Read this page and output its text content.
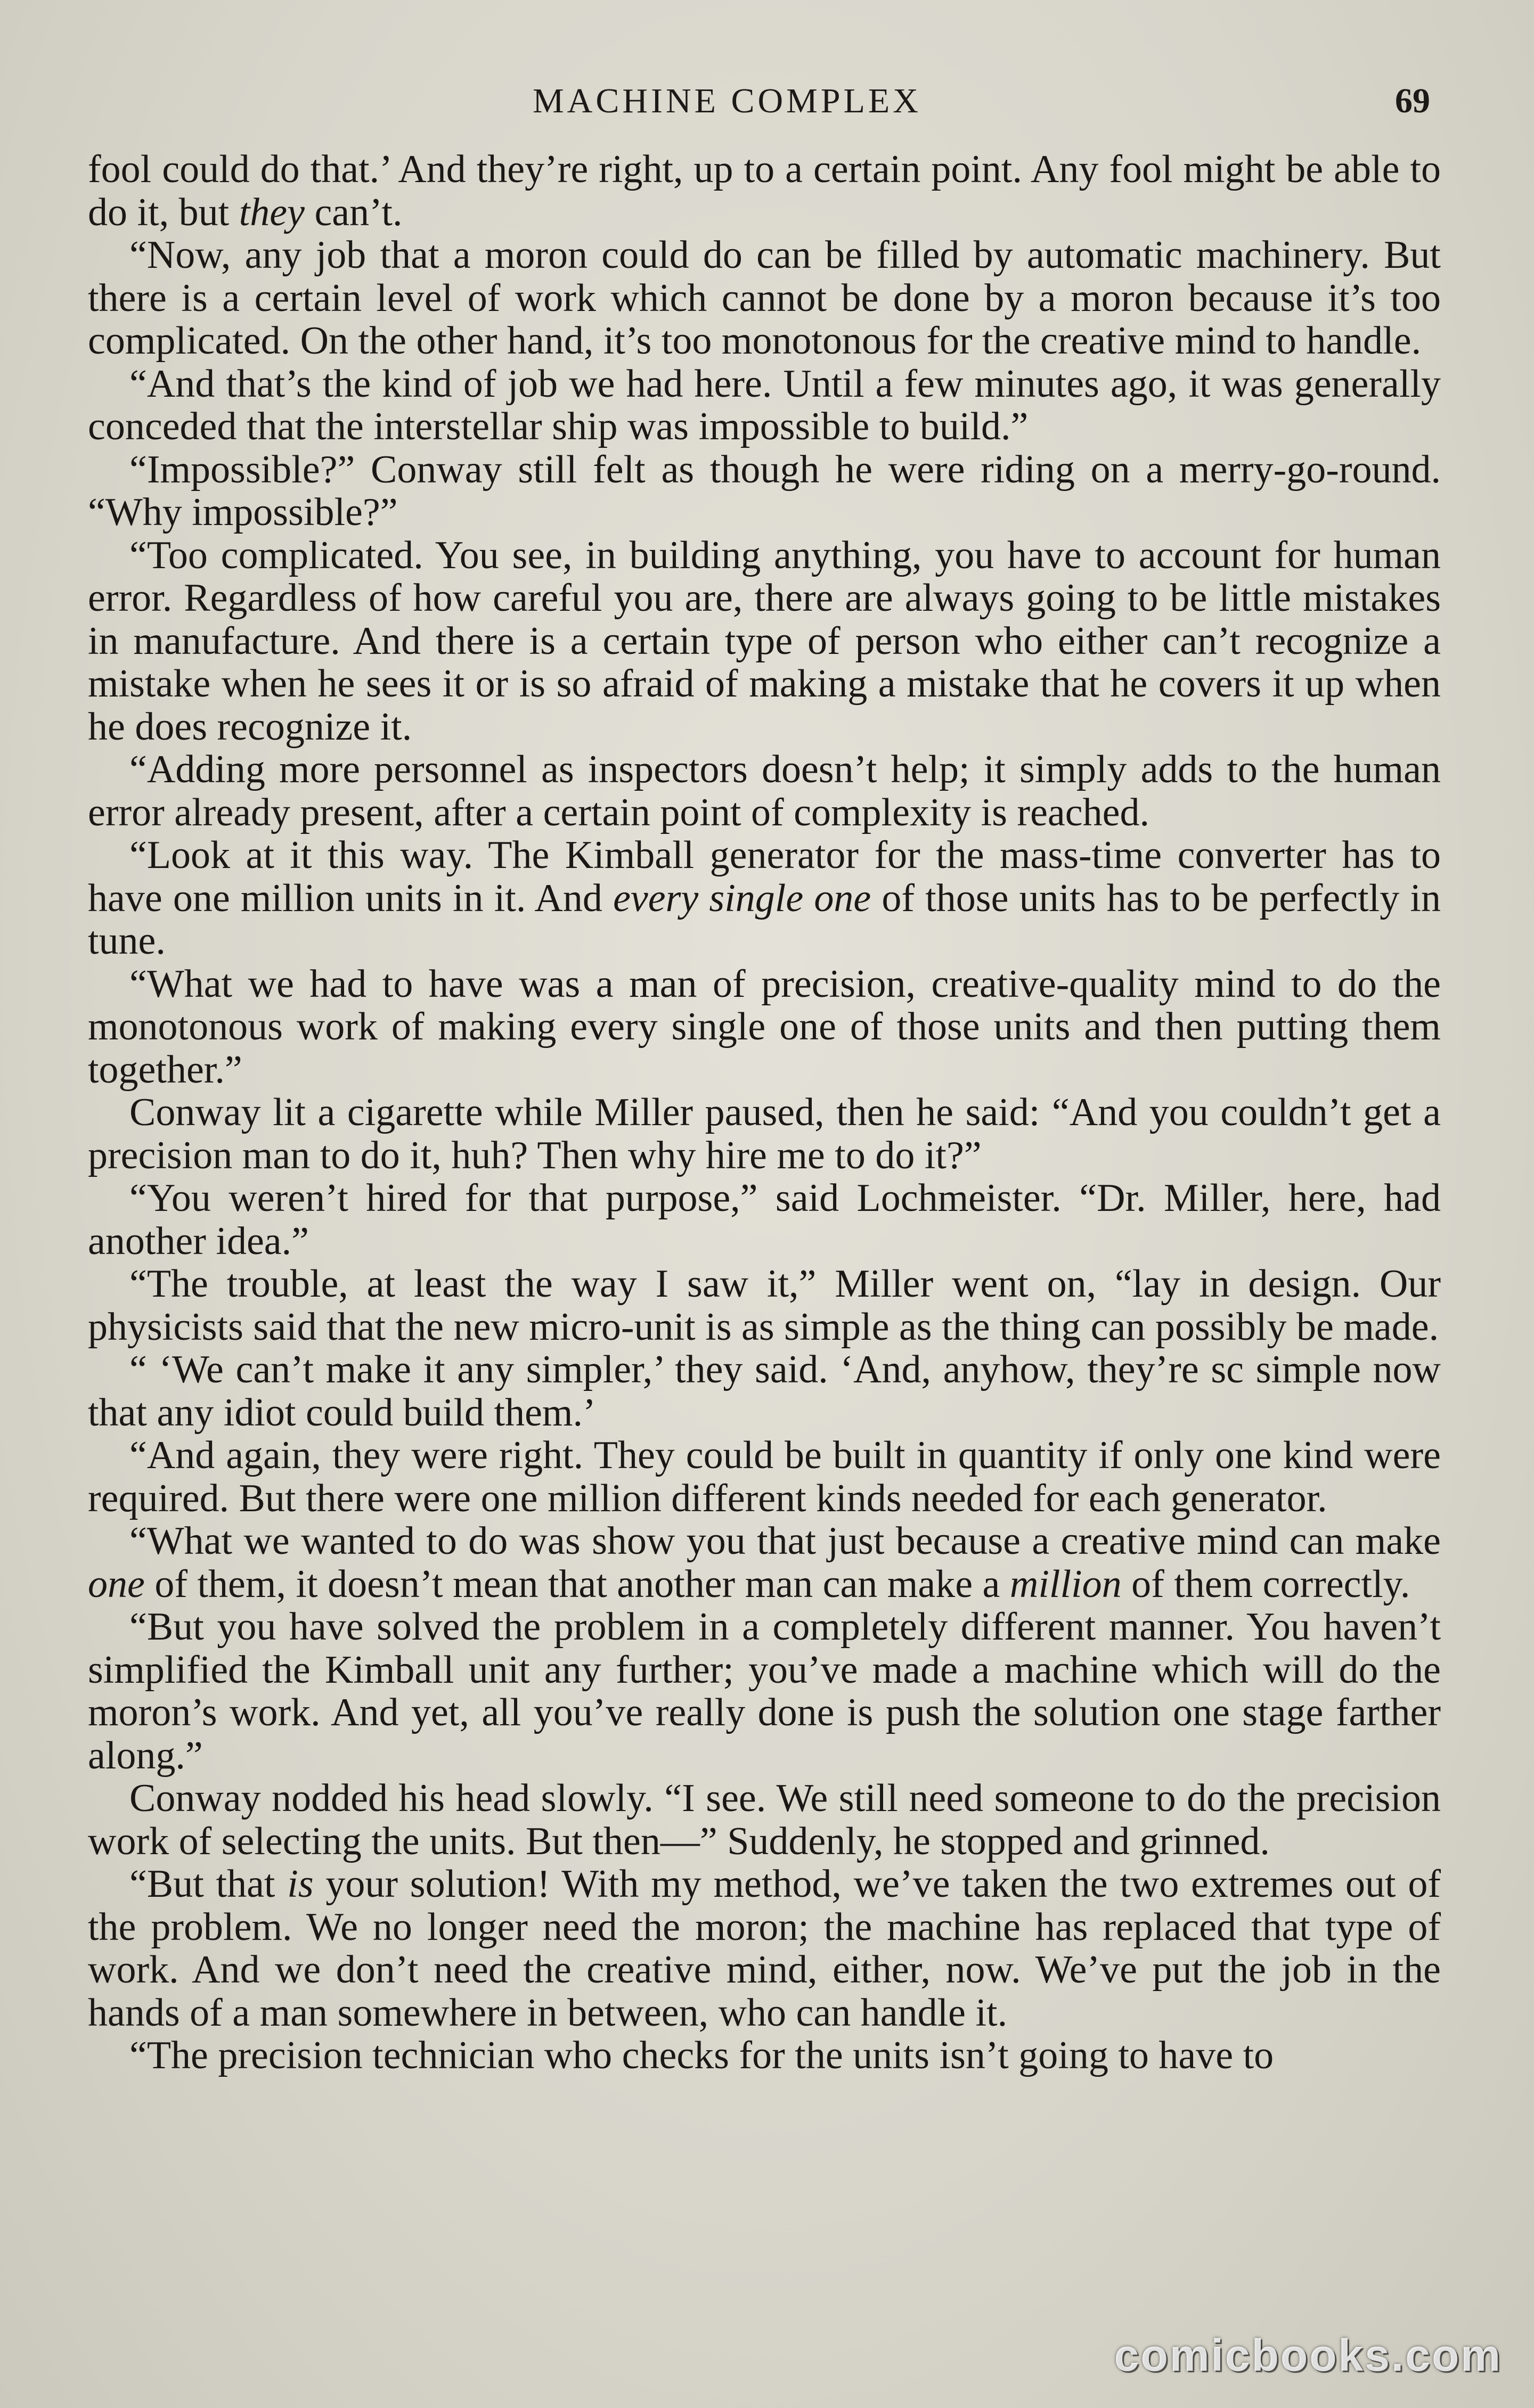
MACHINE COMPLEX	69

fool could do that.’ And they’re right, up to a certain point. Any fool might be able to do it, but they can’t.

“Now, any job that a moron could do can be filled by automatic machinery. But there is a certain level of work which cannot be done by a moron because it’s too complicated. On the other hand, it’s too monotonous for the creative mind to handle.

“And that’s the kind of job we had here. Until a few minutes ago, it was generally conceded that the interstellar ship was impossible to build.”

“Impossible?” Conway still felt as though he were riding on a merry-go-round. “Why impossible?”

“Too complicated. You see, in building anything, you have to account for human error. Regardless of how careful you are, there are always going to be little mistakes in manufacture. And there is a certain type of person who either can’t recognize a mistake when he sees it or is so afraid of making a mistake that he covers it up when he does recognize it.

“Adding more personnel as inspectors doesn’t help; it simply adds to the human error already present, after a certain point of complexity is reached.

“Look at it this way. The Kimball generator for the mass-time converter has to have one million units in it. And every single one of those units has to be perfectly in tune.

“What we had to have was a man of precision, creative-quality mind to do the monotonous work of making every single one of those units and then putting them together.”

Conway lit a cigarette while Miller paused, then he said: “And you couldn’t get a precision man to do it, huh? Then why hire me to do it?”

“You weren’t hired for that purpose,” said Lochmeister. “Dr. Miller, here, had another idea.”

“The trouble, at least the way I saw it,” Miller went on, “lay in design. Our physicists said that the new micro-unit is as simple as the thing can possibly be made.

“ ‘We can’t make it any simpler,’ they said. ‘And, anyhow, they’re sc simple now that any idiot could build them.’

“And again, they were right. They could be built in quantity if only one kind were required. But there were one million different kinds needed for each generator.

“What we wanted to do was show you that just because a creative mind can make one of them, it doesn’t mean that another man can make a million of them correctly.

“But you have solved the problem in a completely different manner. You haven’t simplified the Kimball unit any further; you’ve made a machine which will do the moron’s work. And yet, all you’ve really done is push the solution one stage farther along.”

Conway nodded his head slowly. “I see. We still need someone to do the precision work of selecting the units. But then—” Suddenly, he stopped and grinned.

“But that is your solution! With my method, we’ve taken the two extremes out of the problem. We no longer need the moron; the machine has replaced that type of work. And we don’t need the creative mind, either, now. We’ve put the job in the hands of a man somewhere in between, who can handle it.

“The precision technician who checks for the units isn’t going to have to

comicbooks.com
